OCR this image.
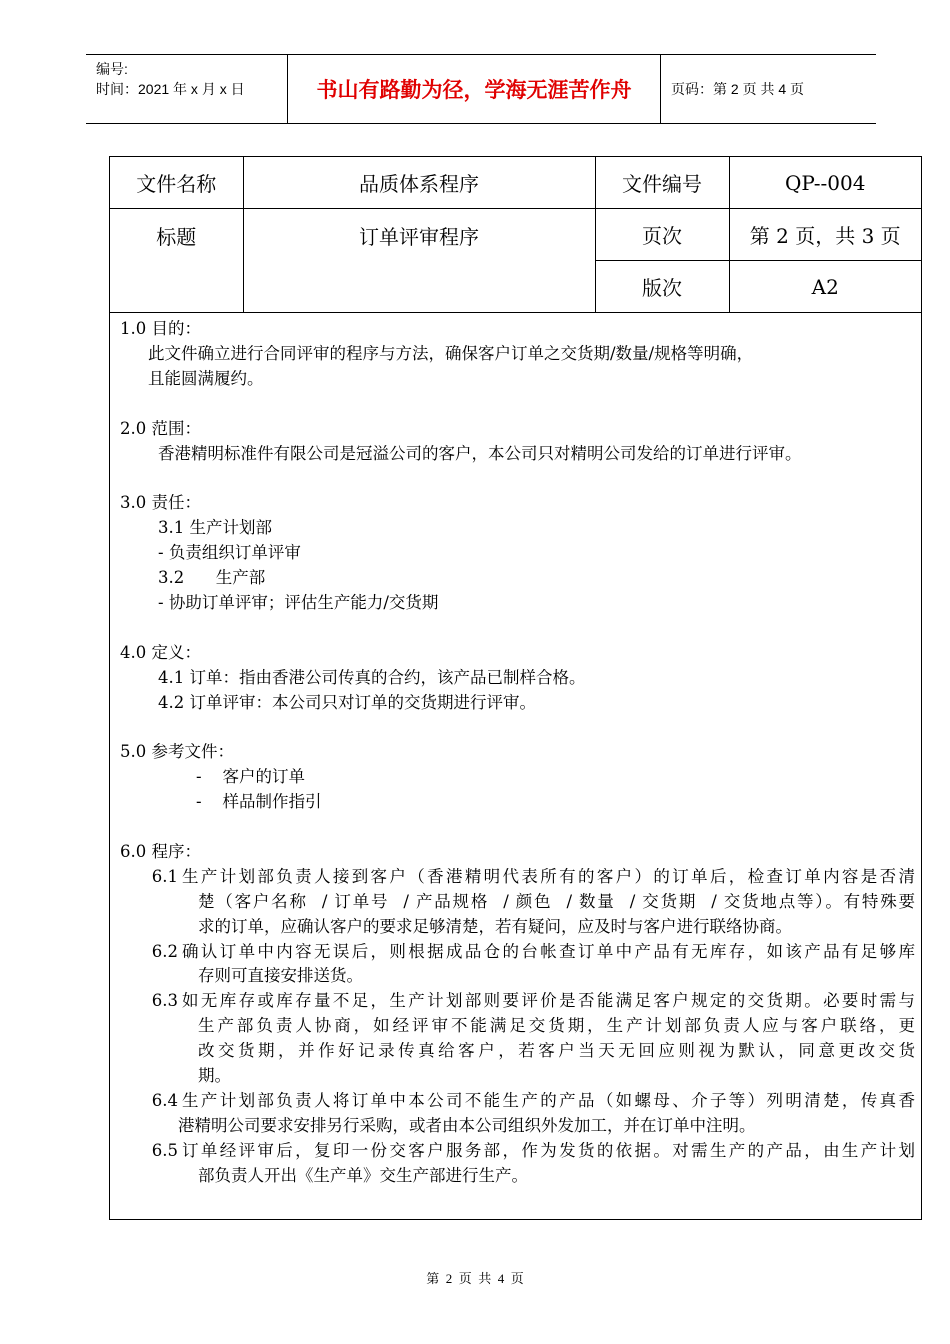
编号:
时间：2021 年 x 月 x 日	书山有路勤为径，学海无涯苦作舟	页码：第 2 页 共 4 页
文件名称	品质体系程序	文件编号	QP--004
标题	订单评审程序	页次	第 2 页，共 3 页
		版次	A2
1.0 目的：
此文件确立进行合同评审的程序与方法，确保客户订单之交货期/数量/规格等明确，
且能圆满履约。
2.0 范围：
香港精明标准件有限公司是冠溢公司的客户，本公司只对精明公司发给的订单进行评审。
3.0 责任：
3.1 生产计划部
- 负责组织订单评审
3.2      生产部
- 协助订单评审；评估生产能力/交货期
4.0 定义：
4.1 订单：指由香港公司传真的合约，该产品已制样合格。
4.2 订单评审：本公司只对订单的交货期进行评审。
5.0 参考文件：
-    客户的订单
-    样品制作指引
6.0 程序：
6.1 生产计划部负责人接到客户（香港精明代表所有的客户）的订单后，检查订单内容是否清
楚（客户名称  / 订单号  / 产品规格  / 颜色  / 数量  / 交货期  / 交货地点等）。有特殊要
求的订单，应确认客户的要求足够清楚，若有疑问，应及时与客户进行联络协商。
6.2 确认订单中内容无误后，则根据成品仓的台帐查订单中产品有无库存，如该产品有足够库
存则可直接安排送货。
6.3 如无库存或库存量不足，生产计划部则要评价是否能满足客户规定的交货期。必要时需与
生产部负责人协商，如经评审不能满足交货期，生产计划部负责人应与客户联络，更
改交货期，并作好记录传真给客户，若客户当天无回应则视为默认，同意更改交货
期。
6.4 生产计划部负责人将订单中本公司不能生产的产品（如螺母、介子等）列明清楚，传真香
港精明公司要求安排另行采购，或者由本公司组织外发加工，并在订单中注明。
6.5 订单经评审后，复印一份交客户服务部，作为发货的依据。对需生产的产品，由生产计划
部负责人开出《生产单》交生产部进行生产。
第  2  页  共  4  页
